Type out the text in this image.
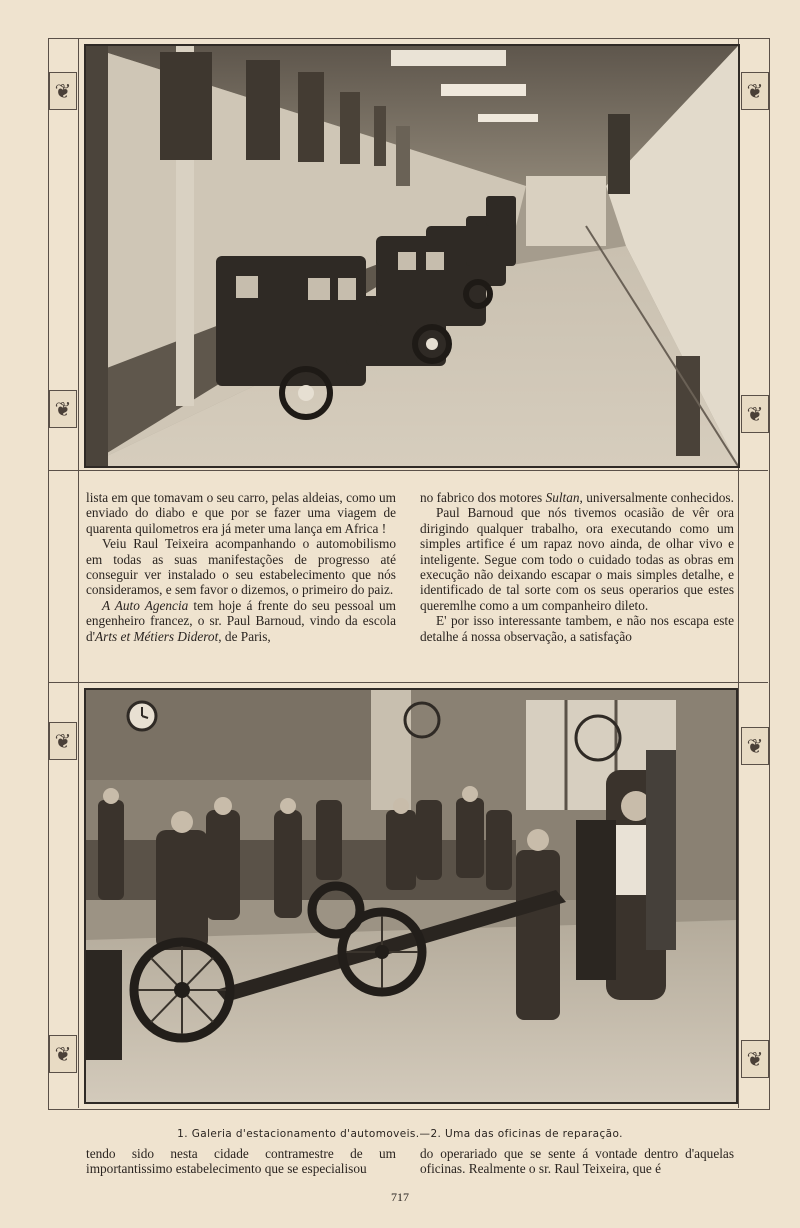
❦	❦
❦	❦
❦	❦
❦	❦

lista em que tomavam o seu carro, pelas aldeias, como um enviado do diabo e que por se fazer uma viagem de quarenta quilometros era já meter uma lança em Africa !

Veiu Raul Teixeira acompanhando o automobilismo em todas as suas manifestações de progresso até conseguir ver instalado o seu estabelecimento que nós consideramos, e sem favor o dizemos, o primeiro do paiz.

A Auto Agencia tem hoje á frente do seu pessoal um engenheiro francez, o sr. Paul Barnoud, vindo da escola d'Arts et Métiers Diderot, de Paris,

no fabrico dos motores Sultan, universalmente conhecidos.

Paul Barnoud que nós tivemos ocasião de vêr ora dirigindo qualquer trabalho, ora executando como um simples artifice é um rapaz novo ainda, de olhar vivo e inteligente. Segue com todo o cuidado todas as obras em execução não deixando escapar o mais simples detalhe, e identificado de tal sorte com os seus operarios que estes queremlhe como a um companheiro dileto.

E' por isso interessante tambem, e não nos escapa este detalhe á nossa observação, a satisfação

1. Galeria d'estacionamento d'automoveis.—2. Uma das oficinas de reparação.

tendo sido nesta cidade contramestre de um importantissimo estabelecimento que se especialisou

do operariado que se sente á vontade dentro d'aquelas oficinas. Realmente o sr. Raul Teixeira, que é

717
